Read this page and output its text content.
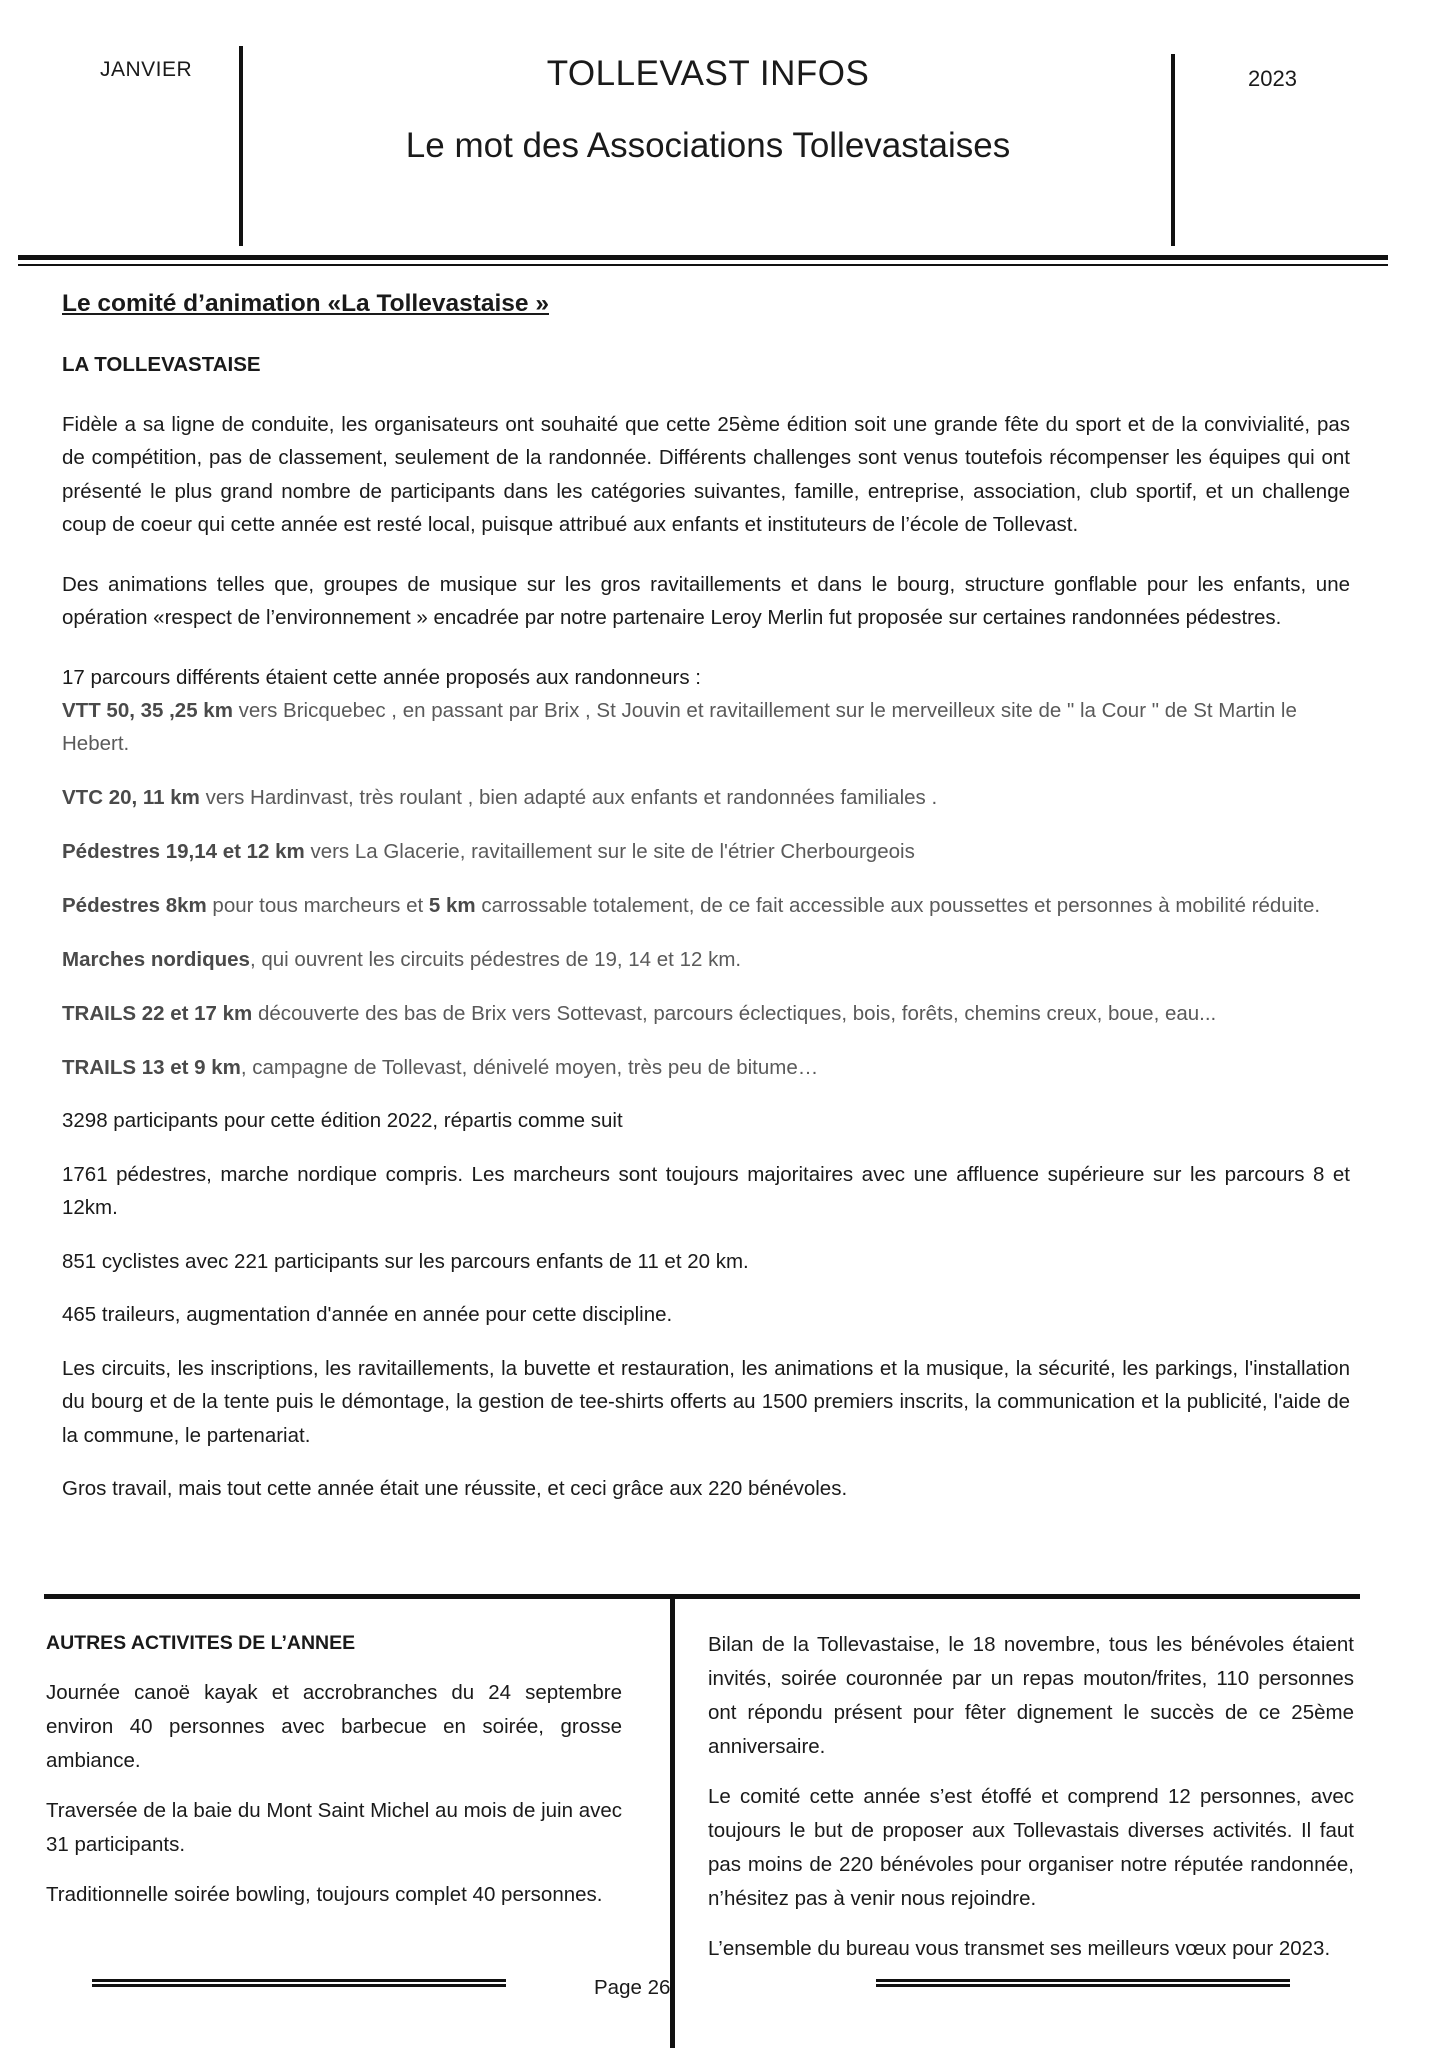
JANVIER	TOLLEVAST INFOS
Le mot des Associations Tollevastaises
2023

Le comité d’animation «La Tollevastaise »

LA TOLLEVASTAISE

Fidèle a sa ligne de conduite, les organisateurs ont souhaité que cette 25ème édition soit une grande fête du sport et de la convivialité, pas de compétition, pas de classement, seulement de la randonnée. Différents challenges sont venus toutefois récompenser les équipes qui ont présenté le plus grand nombre de participants dans les catégories suivantes, famille, entreprise, association, club sportif, et un challenge coup de coeur qui cette année est resté local, puisque attribué aux enfants et instituteurs de l’école de Tollevast.

Des animations telles que, groupes de musique sur les gros ravitaillements et dans le bourg, structure gonflable pour les enfants, une opération «respect de l’environnement » encadrée par notre partenaire Leroy Merlin fut proposée sur certaines randonnées pédestres.

17 parcours différents étaient cette année proposés aux randonneurs :

VTT 50, 35 ,25 km vers Bricquebec , en passant par Brix , St Jouvin et ravitaillement sur le merveilleux site de " la Cour " de St Martin le Hebert.

VTC 20, 11 km vers Hardinvast, très roulant , bien adapté aux enfants et randonnées familiales .

Pédestres 19,14 et 12 km vers La Glacerie, ravitaillement sur le site de l'étrier Cherbourgeois

Pédestres 8km pour tous marcheurs et 5 km carrossable totalement, de ce fait accessible aux poussettes et personnes à mobilité réduite.

Marches nordiques, qui ouvrent les circuits pédestres de 19, 14 et 12 km.

TRAILS 22 et 17 km découverte des bas de Brix vers Sottevast, parcours éclectiques, bois, forêts, chemins creux, boue, eau...

TRAILS 13 et 9 km, campagne de Tollevast, dénivelé moyen, très peu de bitume…

3298 participants pour cette édition 2022, répartis comme suit

1761 pédestres, marche nordique compris. Les marcheurs sont toujours majoritaires avec une affluence supérieure sur les parcours 8 et 12km.

851 cyclistes avec 221 participants sur les parcours enfants de 11 et 20 km.

465 traileurs, augmentation d'année en année pour cette discipline.

Les circuits, les inscriptions, les ravitaillements, la buvette et restauration, les animations et la musique, la sécurité, les parkings, l'installation du bourg et de la tente puis le démontage, la gestion de tee-shirts offerts au 1500 premiers inscrits, la communication et la publicité, l'aide de la commune, le partenariat.

Gros travail, mais tout cette année était une réussite, et ceci grâce aux 220 bénévoles.

AUTRES ACTIVITES DE L’ANNEE

Journée canoë kayak et accrobranches du 24 septembre environ 40 personnes avec barbecue en soirée, grosse ambiance.

Traversée de la baie du Mont Saint Michel au mois de juin avec 31 participants.

Traditionnelle soirée bowling, toujours complet 40 personnes.

Bilan de la Tollevastaise, le 18 novembre, tous les bénévoles étaient invités, soirée couronnée par un repas mouton/frites, 110 personnes ont répondu présent pour fêter dignement le succès de ce 25ème anniversaire.

Le comité cette année s’est étoffé et comprend 12 personnes, avec toujours le but de proposer aux Tollevastais diverses activités. Il faut pas moins de 220 bénévoles pour organiser notre réputée randonnée, n’hésitez pas à venir nous rejoindre.

L’ensemble du bureau vous transmet ses meilleurs vœux pour 2023.

Page 26
